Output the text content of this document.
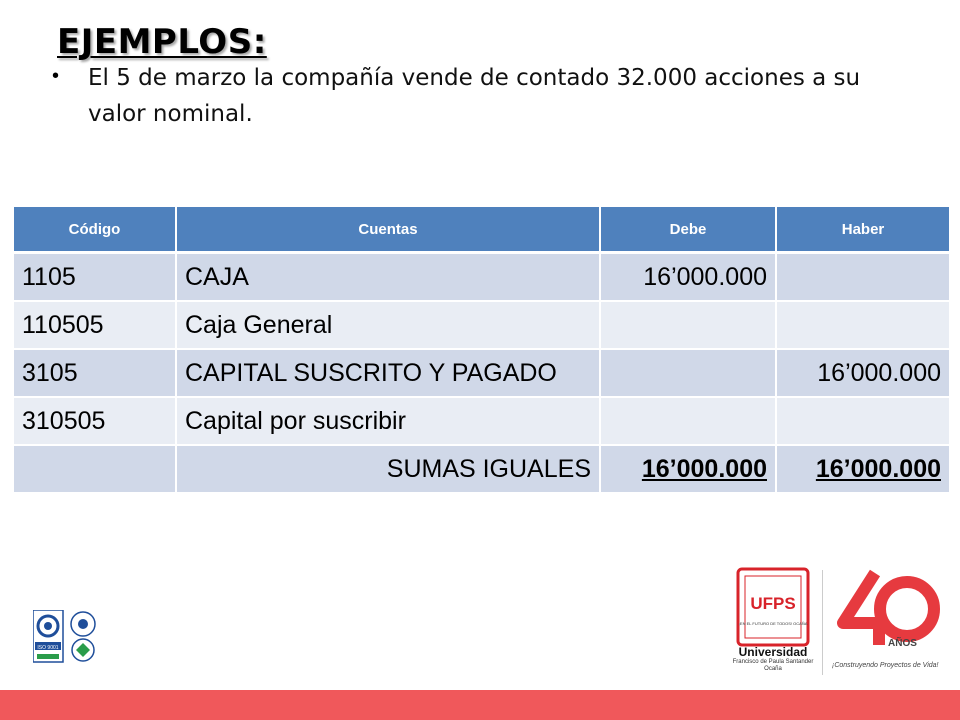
EJEMPLOS:
• El 5 de marzo la compañía vende de contado 32.000 acciones a su valor nominal.
Código	Cuentas	Debe	Haber
1105	CAJA	16’000.000	
110505	Caja General		
3105	CAPITAL SUSCRITO Y PAGADO		16’000.000
310505	Capital por suscribir		
	SUMAS IGUALES	16’000.000	16’000.000
ISO 9001
UFPS
¡EN EL FUTURO DE TODOS! OCAÑA
Universidad
Francisco de Paula Santander Ocaña
40
AÑOS
¡Construyendo Proyectos de Vida!
